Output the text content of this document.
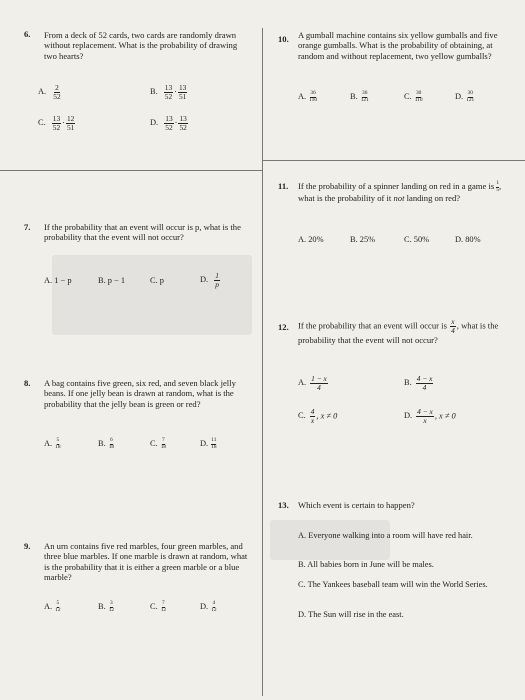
6. From a deck of 52 cards, two cards are randomly drawn without replacement. What is the probability of drawing two hearts?
A. $\frac{2}{52}$	B. $\frac{13}{52} \cdot \frac{13}{51}$
C. $\frac{13}{52} \cdot \frac{12}{51}$	D. $\frac{13}{52} \cdot \frac{13}{52}$
7. If the probability that an event will occur is p, what is the probability that the event will not occur?
A. 1 − p	B. p − 1	C. p	D. $\frac{1}{p}$
8. A bag contains five green, six red, and seven black jelly beans. If one jelly bean is drawn at random, what is the probability that the jelly bean is green or red?
A. $\frac{5}{18}$	B. $\frac{6}{18}$	C. $\frac{7}{18}$	D. $\frac{11}{18}$
9. An urn contains five red marbles, four green marbles, and three blue marbles. If one marble is drawn at random, what is the probability that it is either a green marble or a blue marble?
A. $\frac{5}{12}$	B. $\frac{3}{12}$	C. $\frac{7}{12}$	D. $\frac{4}{12}$
10. A gumball machine contains six yellow gumballs and five orange gumballs. What is the probability of obtaining, at random and without replacement, two yellow gumballs?
A. $\frac{36}{110}$	B. $\frac{36}{121}$	C. $\frac{30}{110}$	D. $\frac{30}{121}$
11. If the probability of a spinner landing on red in a game is $\frac{1}{5}$ , what is the probability of it not landing on red?
A. 20%	B. 25%	C. 50%	D. 80%
12. If the probability that an event will occur is $\frac{x}{4}$ , what is the probability that the event will not occur?
A. $\frac{1 - x}{4}$	B. $\frac{4 - x}{4}$
C. $\frac{4}{x}$ , x ≠ 0	D. $\frac{4 - x}{x}$ , x ≠ 0
13. Which event is certain to happen?
A. Everyone walking into a room will have red hair.
B. All babies born in June will be males.
C. The Yankees baseball team will win the World Series.
D. The Sun will rise in the east.
